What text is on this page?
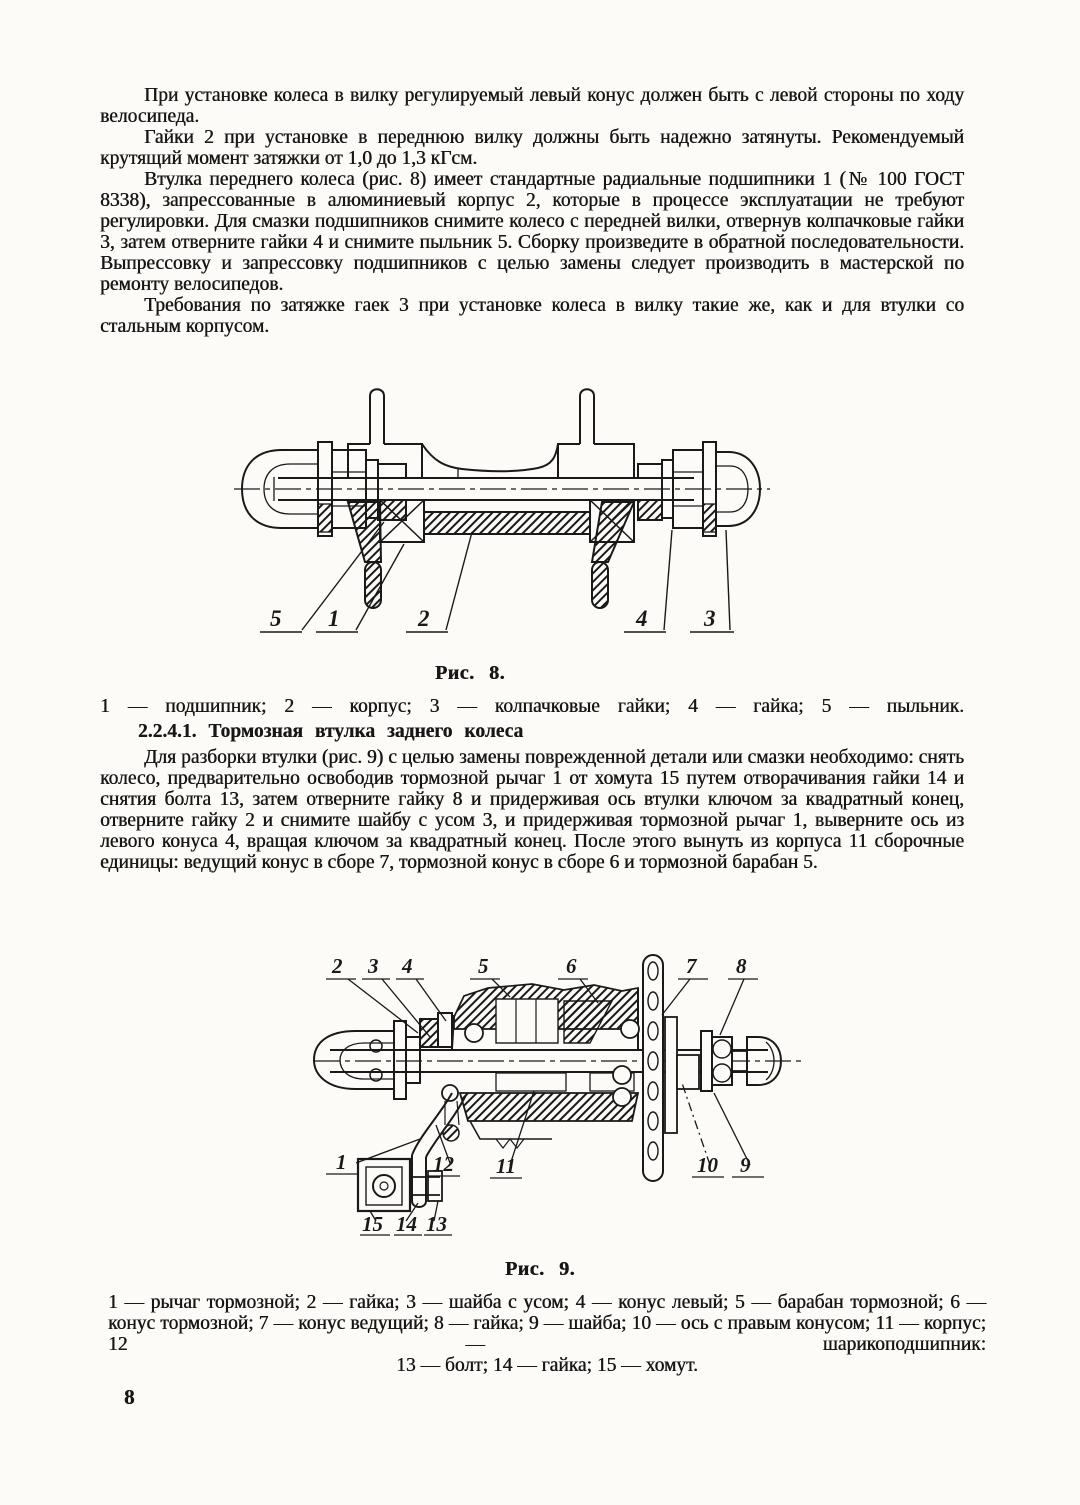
При установке колеса в вилку регулируемый левый конус должен быть с левой стороны по ходу велосипеда.

Гайки 2 при установке в переднюю вилку должны быть надежно затянуты. Рекомендуемый крутящий момент затяжки от 1,0 до 1,3 кГсм.

Втулка переднего колеса (рис. 8) имеет стандартные радиальные подшипники 1 (№ 100 ГОСТ 8338), запрессованные в алюминиевый корпус 2, которые в процессе эксплуатации не требуют регулировки. Для смазки подшипников снимите колесо с передней вилки, отвернув колпачковые гайки 3, затем отверните гайки 4 и снимите пыльник 5. Сборку произведите в обратной последовательности. Выпрессовку и запрессовку подшипников с целью замены следует производить в мастерской по ремонту велосипедов.

Требования по затяжке гаек 3 при установке колеса в вилку такие же, как и для втулки со стальным корпусом.

5 1	2	4 3
Рис. 8.
1 — подшипник; 2 — корпус; 3 — колпачковые гайки; 4 — гайка; 5 — пыльник.
2.2.4.1. Тормозная втулка заднего колеса

Для разборки втулки (рис. 9) с целью замены поврежденной детали или смазки необходимо: снять колесо, предварительно освободив тормозной рычаг 1 от хомута 15 путем отворачивания гайки 14 и снятия болта 13, затем отверните гайку 8 и придерживая ось втулки ключом за квадратный конец, отверните гайку 2 и снимите шайбу с усом 3, и придерживая тормозной рычаг 1, выверните ось из левого конуса 4, вращая ключом за квадратный конец. После этого вынуть из корпуса 11 сборочные единицы: ведущий конус в сборе 7, тормозной конус в сборе 6 и тормозной барабан 5.

2 3 4	5	6	7 8
1	12 11	10 9
15 14 13
Рис. 9.
1 — рычаг тормозной; 2 — гайка; 3 — шайба с усом; 4 — конус левый; 5 — барабан тормозной; 6 — конус тормозной; 7 — конус ведущий; 8 — гайка; 9 — шайба; 10 — ось с правым конусом; 11 — корпус; 12 — шарикоподшипник:
13 — болт; 14 — гайка; 15 — хомут.
8
